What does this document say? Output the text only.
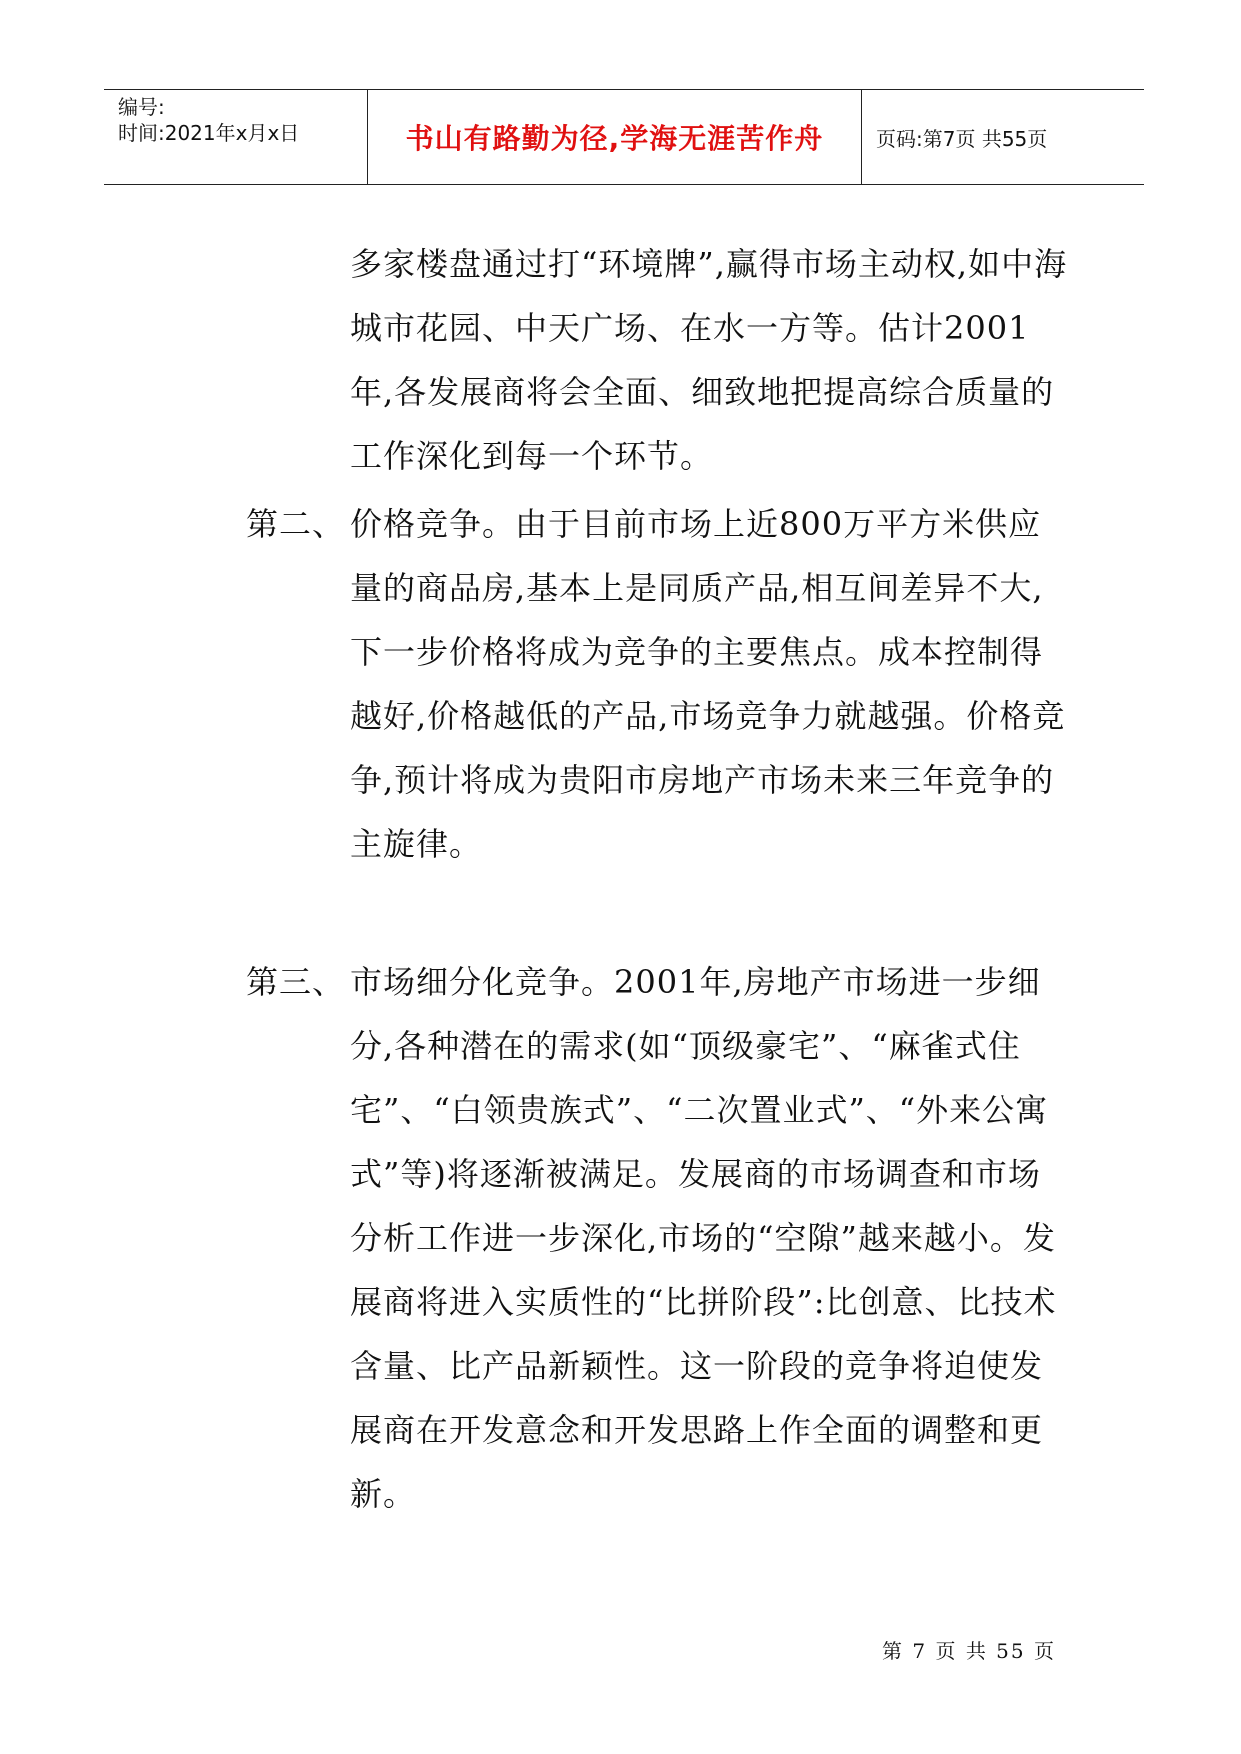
编号:
时间:2021年x月x日	书山有路勤为径,学海无涯苦作舟	页码:第7页 共55页
多家楼盘通过打“环境牌”,赢得市场主动权,如中海城市花园、中天广场、在水一方等。估计2001年,各发展商将会全面、细致地把提高综合质量的工作深化到每一个环节。
第二、 价格竞争。由于目前市场上近800万平方米供应量的商品房,基本上是同质产品,相互间差异不大,下一步价格将成为竞争的主要焦点。成本控制得越好,价格越低的产品,市场竞争力就越强。价格竞争,预计将成为贵阳市房地产市场未来三年竞争的主旋律。
第三、 市场细分化竞争。2001年,房地产市场进一步细分,各种潜在的需求(如“顶级豪宅”、“麻雀式住宅”、“白领贵族式”、“二次置业式”、“外来公寓式”等)将逐渐被满足。发展商的市场调查和市场分析工作进一步深化,市场的“空隙”越来越小。发展商将进入实质性的“比拼阶段”:比创意、比技术含量、比产品新颖性。这一阶段的竞争将迫使发展商在开发意念和开发思路上作全面的调整和更新。
第 7 页 共 55 页
